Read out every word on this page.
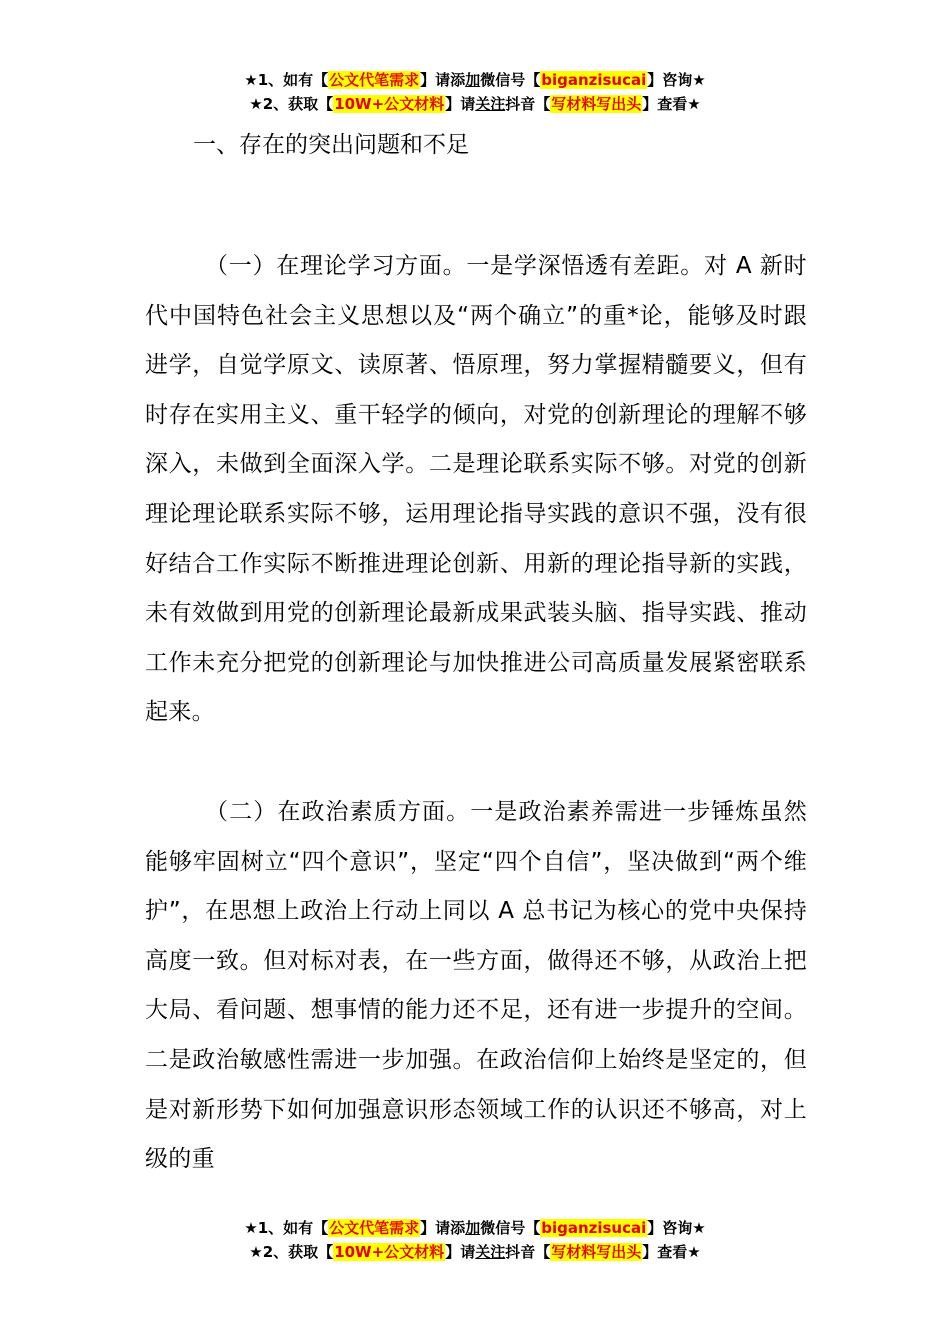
★1、如有【公文代笔需求】请添加微信号【biganzisucai】咨询★
★2、获取【10W+公文材料】请关注抖音【写材料写出头】查看★
一、存在的突出问题和不足

（一）在理论学习方面。一是学深悟透有差距。对 A 新时代中国特色社会主义思想以及“两个确立”的重*论，能够及时跟进学，自觉学原文、读原著、悟原理，努力掌握精髓要义，但有时存在实用主义、重干轻学的倾向，对党的创新理论的理解不够深入，未做到全面深入学。二是理论联系实际不够。对党的创新理论理论联系实际不够，运用理论指导实践的意识不强，没有很好结合工作实际不断推进理论创新、用新的理论指导新的实践，未有效做到用党的创新理论最新成果武装头脑、指导实践、推动工作未充分把党的创新理论与加快推进公司高质量发展紧密联系起来。

（二）在政治素质方面。一是政治素养需进一步锤炼虽然能够牢固树立“四个意识”，坚定“四个自信”，坚决做到“两个维护”，在思想上政治上行动上同以 A 总书记为核心的党中央保持高度一致。但对标对表，在一些方面，做得还不够，从政治上把大局、看问题、想事情的能力还不足，还有进一步提升的空间。二是政治敏感性需进一步加强。在政治信仰上始终是坚定的，但是对新形势下如何加强意识形态领域工作的认识还不够高，对上级的重

★1、如有【公文代笔需求】请添加微信号【biganzisucai】咨询★
★2、获取【10W+公文材料】请关注抖音【写材料写出头】查看★
